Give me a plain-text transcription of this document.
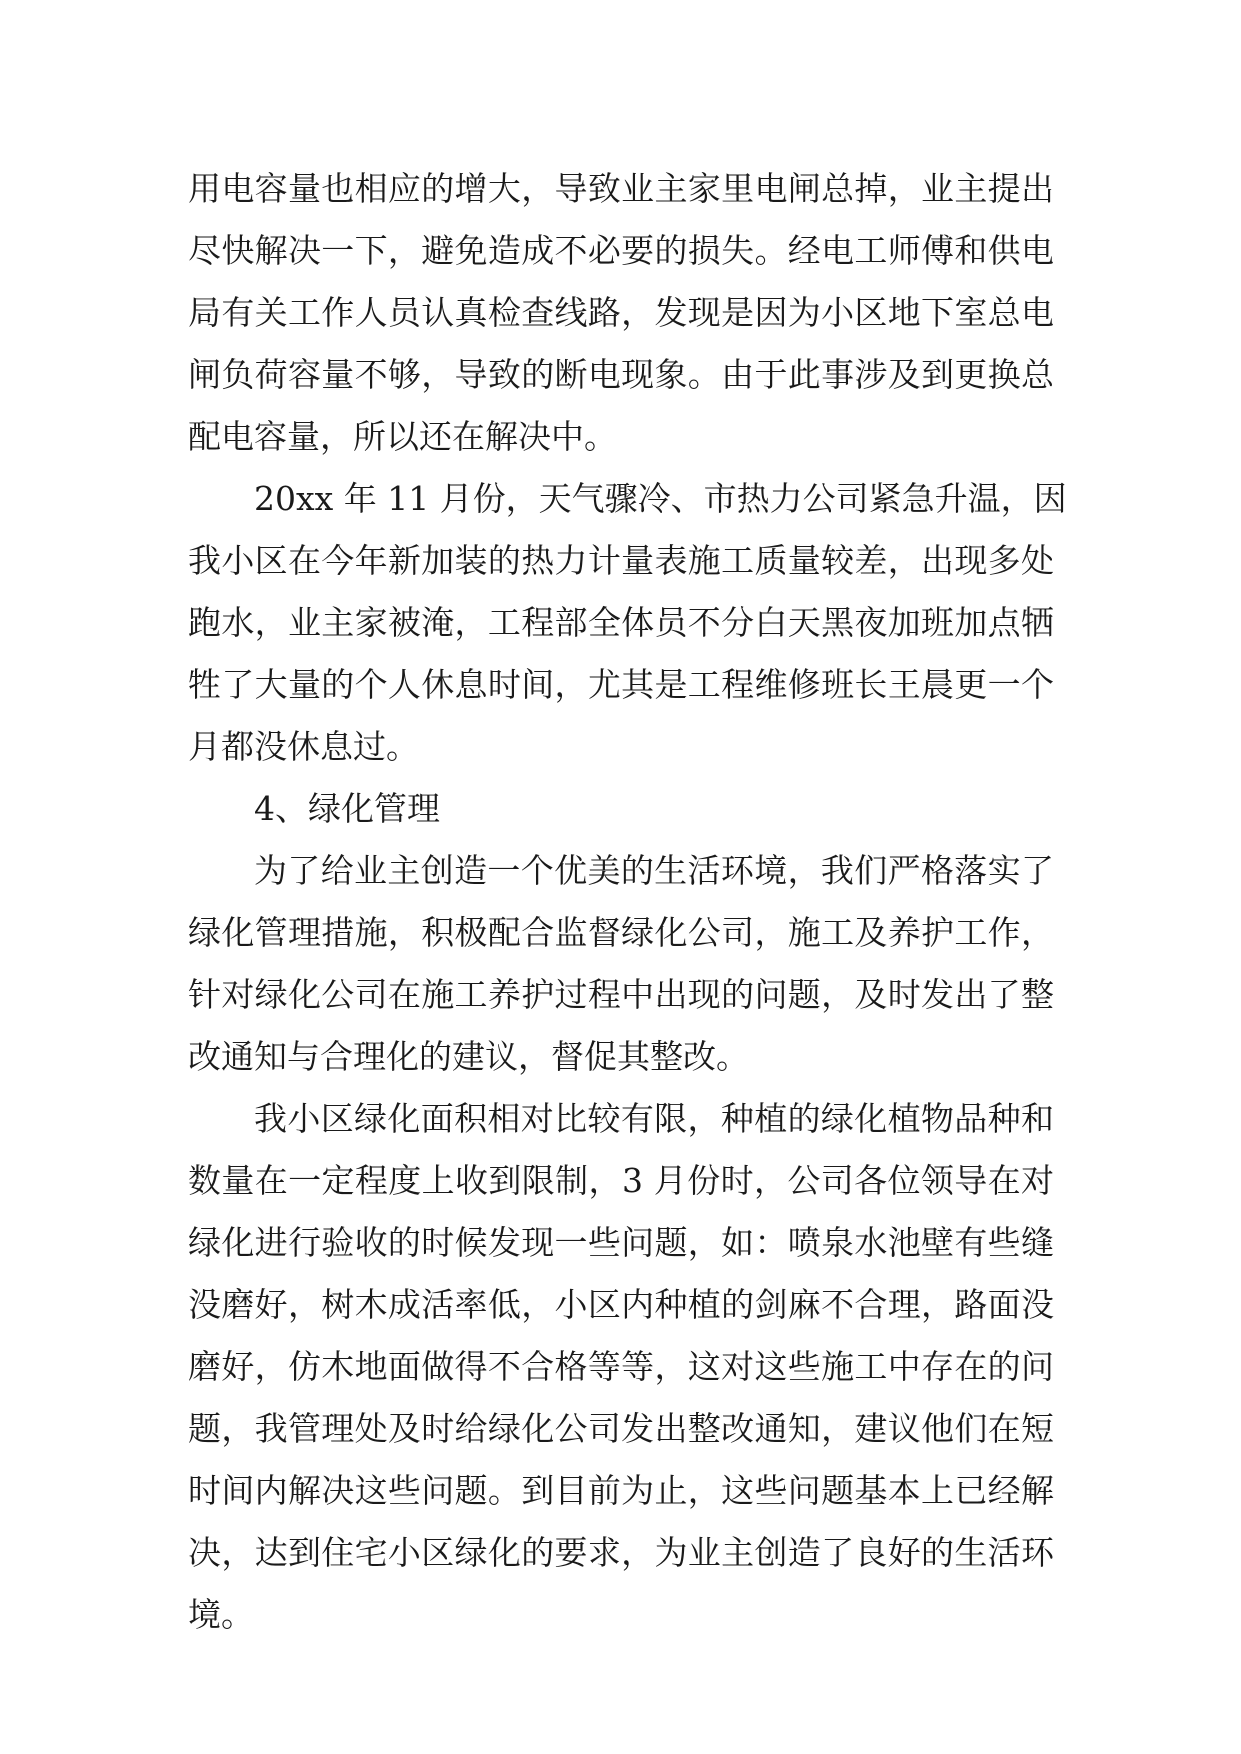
用电容量也相应的增大，导致业主家里电闸总掉，业主提出
尽快解决一下，避免造成不必要的损失。经电工师傅和供电
局有关工作人员认真检查线路，发现是因为小区地下室总电
闸负荷容量不够，导致的断电现象。由于此事涉及到更换总
配电容量，所以还在解决中。
20xx 年 11 月份，天气骤冷、市热力公司紧急升温，因
我小区在今年新加装的热力计量表施工质量较差，出现多处
跑水，业主家被淹，工程部全体员不分白天黑夜加班加点牺
牲了大量的个人休息时间，尤其是工程维修班长王晨更一个
月都没休息过。
4、绿化管理
为了给业主创造一个优美的生活环境，我们严格落实了
绿化管理措施，积极配合监督绿化公司，施工及养护工作，
针对绿化公司在施工养护过程中出现的问题，及时发出了整
改通知与合理化的建议，督促其整改。
我小区绿化面积相对比较有限，种植的绿化植物品种和
数量在一定程度上收到限制，3 月份时，公司各位领导在对
绿化进行验收的时候发现一些问题，如：喷泉水池壁有些缝
没磨好，树木成活率低，小区内种植的剑麻不合理，路面没
磨好，仿木地面做得不合格等等，这对这些施工中存在的问
题，我管理处及时给绿化公司发出整改通知，建议他们在短
时间内解决这些问题。到目前为止，这些问题基本上已经解
决，达到住宅小区绿化的要求，为业主创造了良好的生活环
境。
